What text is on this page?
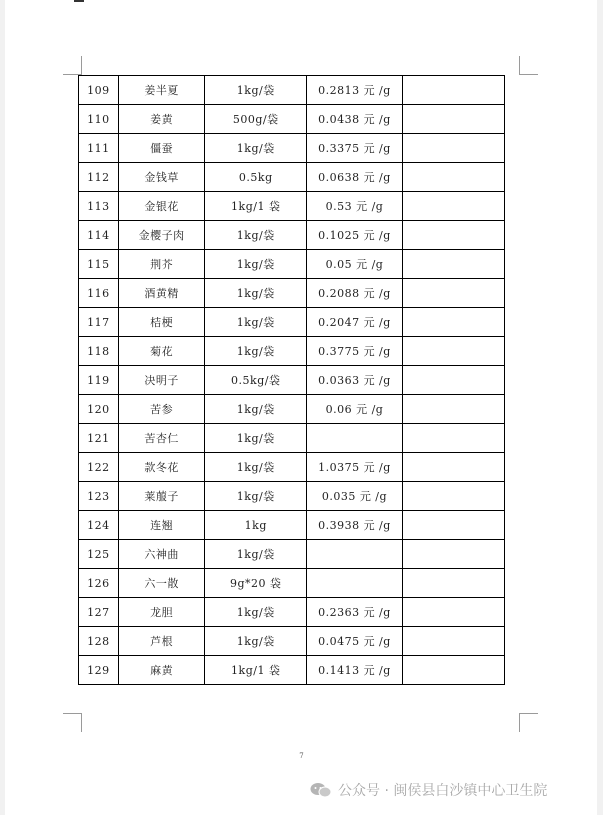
109	姜半夏	1kg/袋	0.2813 元 /g	
110	姜黄	500g/袋	0.0438 元 /g	
111	僵蚕	1kg/袋	0.3375 元 /g	
112	金钱草	0.5kg	0.0638 元 /g	
113	金银花	1kg/1 袋	0.53 元 /g	
114	金樱子肉	1kg/袋	0.1025 元 /g	
115	荆芥	1kg/袋	0.05 元 /g	
116	酒黄精	1kg/袋	0.2088 元 /g	
117	桔梗	1kg/袋	0.2047 元 /g	
118	菊花	1kg/袋	0.3775 元 /g	
119	决明子	0.5kg/袋	0.0363 元 /g	
120	苦参	1kg/袋	0.06 元 /g	
121	苦杏仁	1kg/袋		
122	款冬花	1kg/袋	1.0375 元 /g	
123	莱菔子	1kg/袋	0.035 元 /g	
124	连翘	1kg	0.3938 元 /g	
125	六神曲	1kg/袋		
126	六一散	9g*20 袋		
127	龙胆	1kg/袋	0.2363 元 /g	
128	芦根	1kg/袋	0.0475 元 /g	
129	麻黄	1kg/1 袋	0.1413 元 /g	
7
公众号 · 闽侯县白沙镇中心卫生院
